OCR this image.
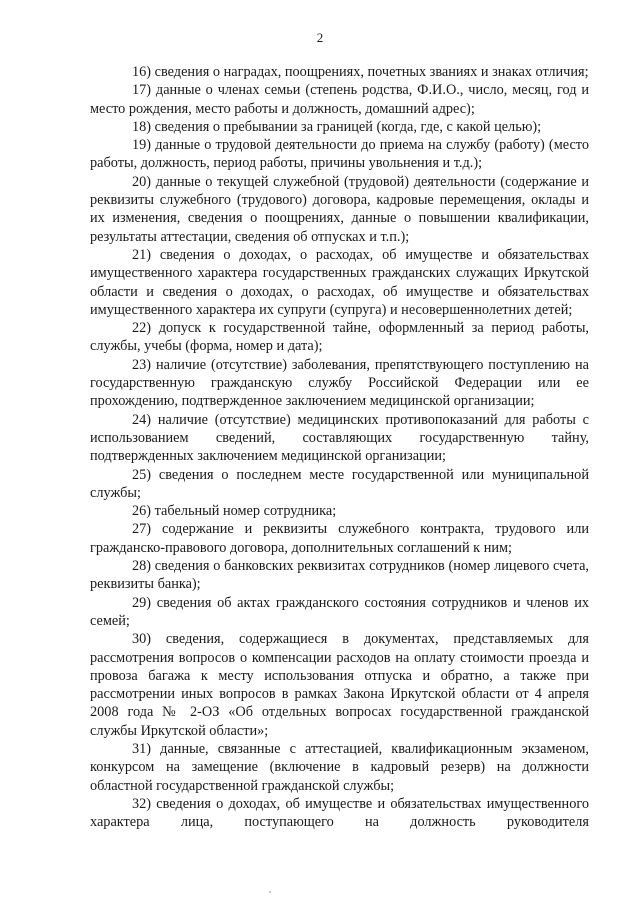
2

16) сведения о наградах, поощрениях, почетных званиях и знаках отличия;

17) данные о членах семьи (степень родства, Ф.И.О., число, месяц, год и место рождения, место работы и должность, домашний адрес);

18) сведения о пребывании за границей (когда, где, с какой целью);

19) данные о трудовой деятельности до приема на службу (работу) (место работы, должность, период работы, причины увольнения и т.д.);

20) данные о текущей служебной (трудовой) деятельности (содержание и реквизиты служебного (трудового) договора, кадровые перемещения, оклады и их изменения, сведения о поощрениях, данные о повышении квалификации, результаты аттестации, сведения об отпусках и т.п.);

21) сведения о доходах, о расходах, об имуществе и обязательствах имущественного характера государственных гражданских служащих Иркутской области и сведения о доходах, о расходах, об имуществе и обязательствах имущественного характера их супруги (супруга) и несовершеннолетних детей;

22) допуск к государственной тайне, оформленный за период работы, службы, учебы (форма, номер и дата);

23) наличие (отсутствие) заболевания, препятствующего поступлению на государственную гражданскую службу Российской Федерации или ее прохождению, подтвержденное заключением медицинской организации;

24) наличие (отсутствие) медицинских противопоказаний для работы с использованием сведений, составляющих государственную тайну, подтвержденных заключением медицинской организации;

25) сведения о последнем месте государственной или муниципальной службы;

26) табельный номер сотрудника;

27) содержание и реквизиты служебного контракта, трудового или гражданско-правового договора, дополнительных соглашений к ним;

28) сведения о банковских реквизитах сотрудников (номер лицевого счета, реквизиты банка);

29) сведения об актах гражданского состояния сотрудников и членов их семей;

30) сведения, содержащиеся в документах, представляемых для рассмотрения вопросов о компенсации расходов на оплату стоимости проезда и провоза багажа к месту использования отпуска и обратно, а также при рассмотрении иных вопросов в рамках Закона Иркутской области от 4 апреля 2008 года № 2-ОЗ «Об отдельных вопросах государственной гражданской службы Иркутской области»;

31) данные, связанные с аттестацией, квалификационным экзаменом, конкурсом на замещение (включение в кадровый резерв) на должности областной государственной гражданской службы;

32) сведения о доходах, об имуществе и обязательствах имущественного характера лица, поступающего на должность руководителя
